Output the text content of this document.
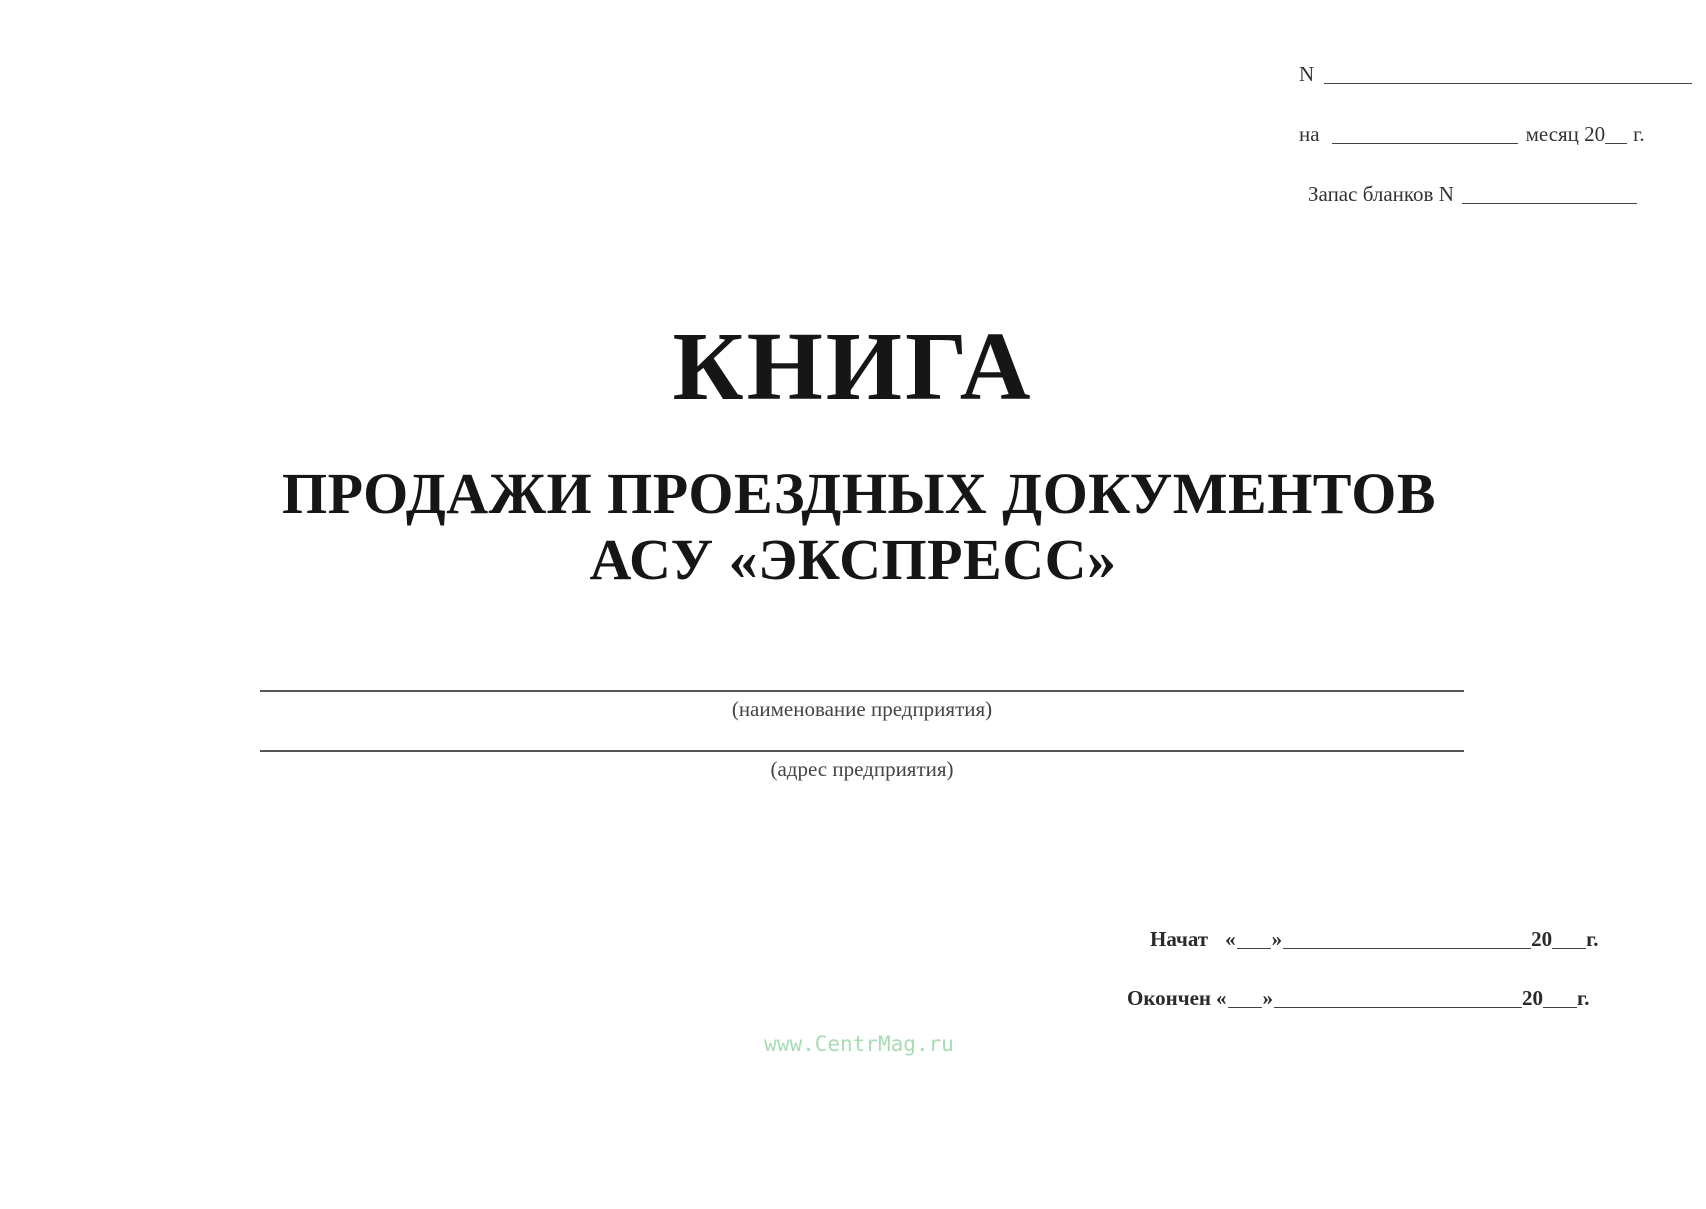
N
на	месяц 20 г.
Запас бланков N
КНИГА
ПРОДАЖИ ПРОЕЗДНЫХ ДОКУМЕНТОВ
АСУ «ЭКСПРЕСС»
(наименование предприятия)
(адрес предприятия)
Начат « »	20 г.
Окончен « »	20 г.
www.CentrMag.ru
